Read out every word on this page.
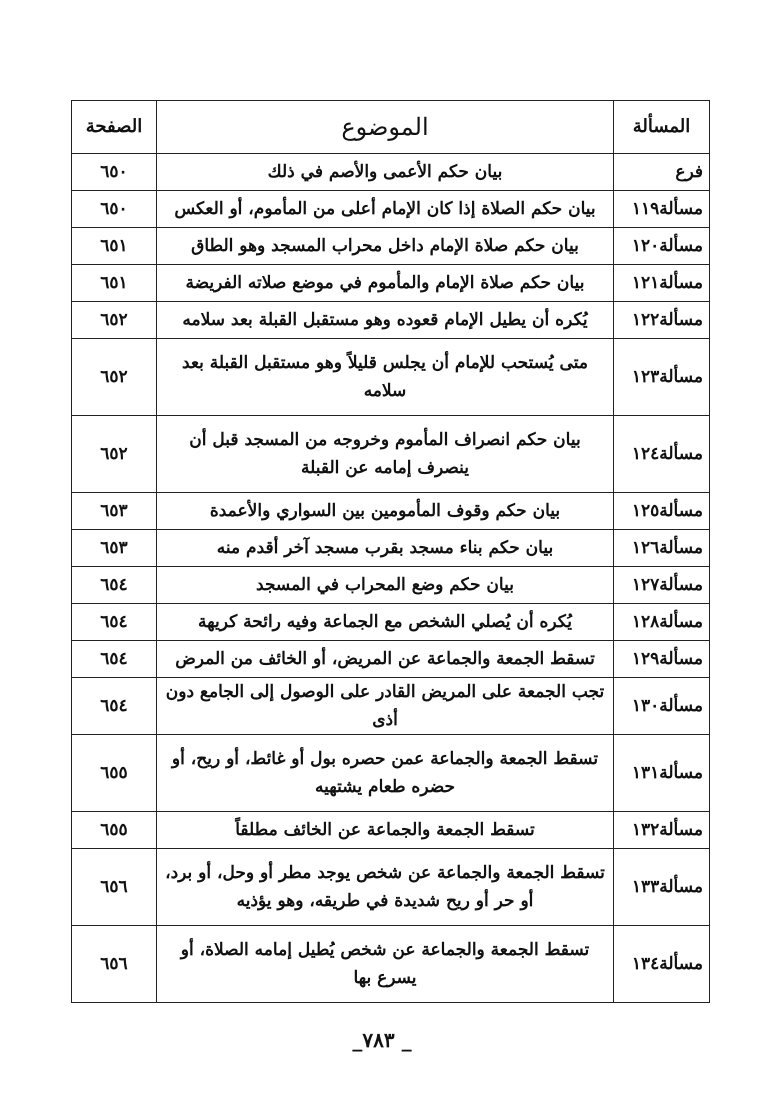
المسألة	الموضوع	الصفحة
فرع	بيان حكم الأعمى والأصم في ذلك	٦٥٠
مسألة١١٩	بيان حكم الصلاة إذا كان الإمام أعلى من المأموم، أو العكس	٦٥٠
مسألة١٢٠	بيان حكم صلاة الإمام داخل محراب المسجد وهو الطاق	٦٥١
مسألة١٢١	بيان حكم صلاة الإمام والمأموم في موضع صلاته الفريضة	٦٥١
مسألة١٢٢	يُكره أن يطيل الإمام قعوده وهو مستقبل القبلة بعد سلامه	٦٥٢
مسألة١٢٣	متى يُستحب للإمام أن يجلس قليلاً وهو مستقبل القبلة بعد سلامه	٦٥٢
مسألة١٢٤	بيان حكم انصراف المأموم وخروجه من المسجد قبل أن ينصرف إمامه عن القبلة	٦٥٢
مسألة١٢٥	بيان حكم وقوف المأمومين بين السواري والأعمدة	٦٥٣
مسألة١٢٦	بيان حكم بناء مسجد بقرب مسجد آخر أقدم منه	٦٥٣
مسألة١٢٧	بيان حكم وضع المحراب في المسجد	٦٥٤
مسألة١٢٨	يُكره أن يُصلي الشخص مع الجماعة وفيه رائحة كريهة	٦٥٤
مسألة١٢٩	تسقط الجمعة والجماعة عن المريض، أو الخائف من المرض	٦٥٤
مسألة١٣٠	تجب الجمعة على المريض القادر على الوصول إلى الجامع دون أذى	٦٥٤
مسألة١٣١	تسقط الجمعة والجماعة عمن حصره بول أو غائط، أو ريح، أو حضره طعام يشتهيه	٦٥٥
مسألة١٣٢	تسقط الجمعة والجماعة عن الخائف مطلقاً	٦٥٥
مسألة١٣٣	تسقط الجمعة والجماعة عن شخص يوجد مطر أو وحل، أو برد، أو حر أو ريح شديدة في طريقه، وهو يؤذيه	٦٥٦
مسألة١٣٤	تسقط الجمعة والجماعة عن شخص يُطيل إمامه الصلاة، أو يسرع بها	٦٥٦
_٧٨٣ _
